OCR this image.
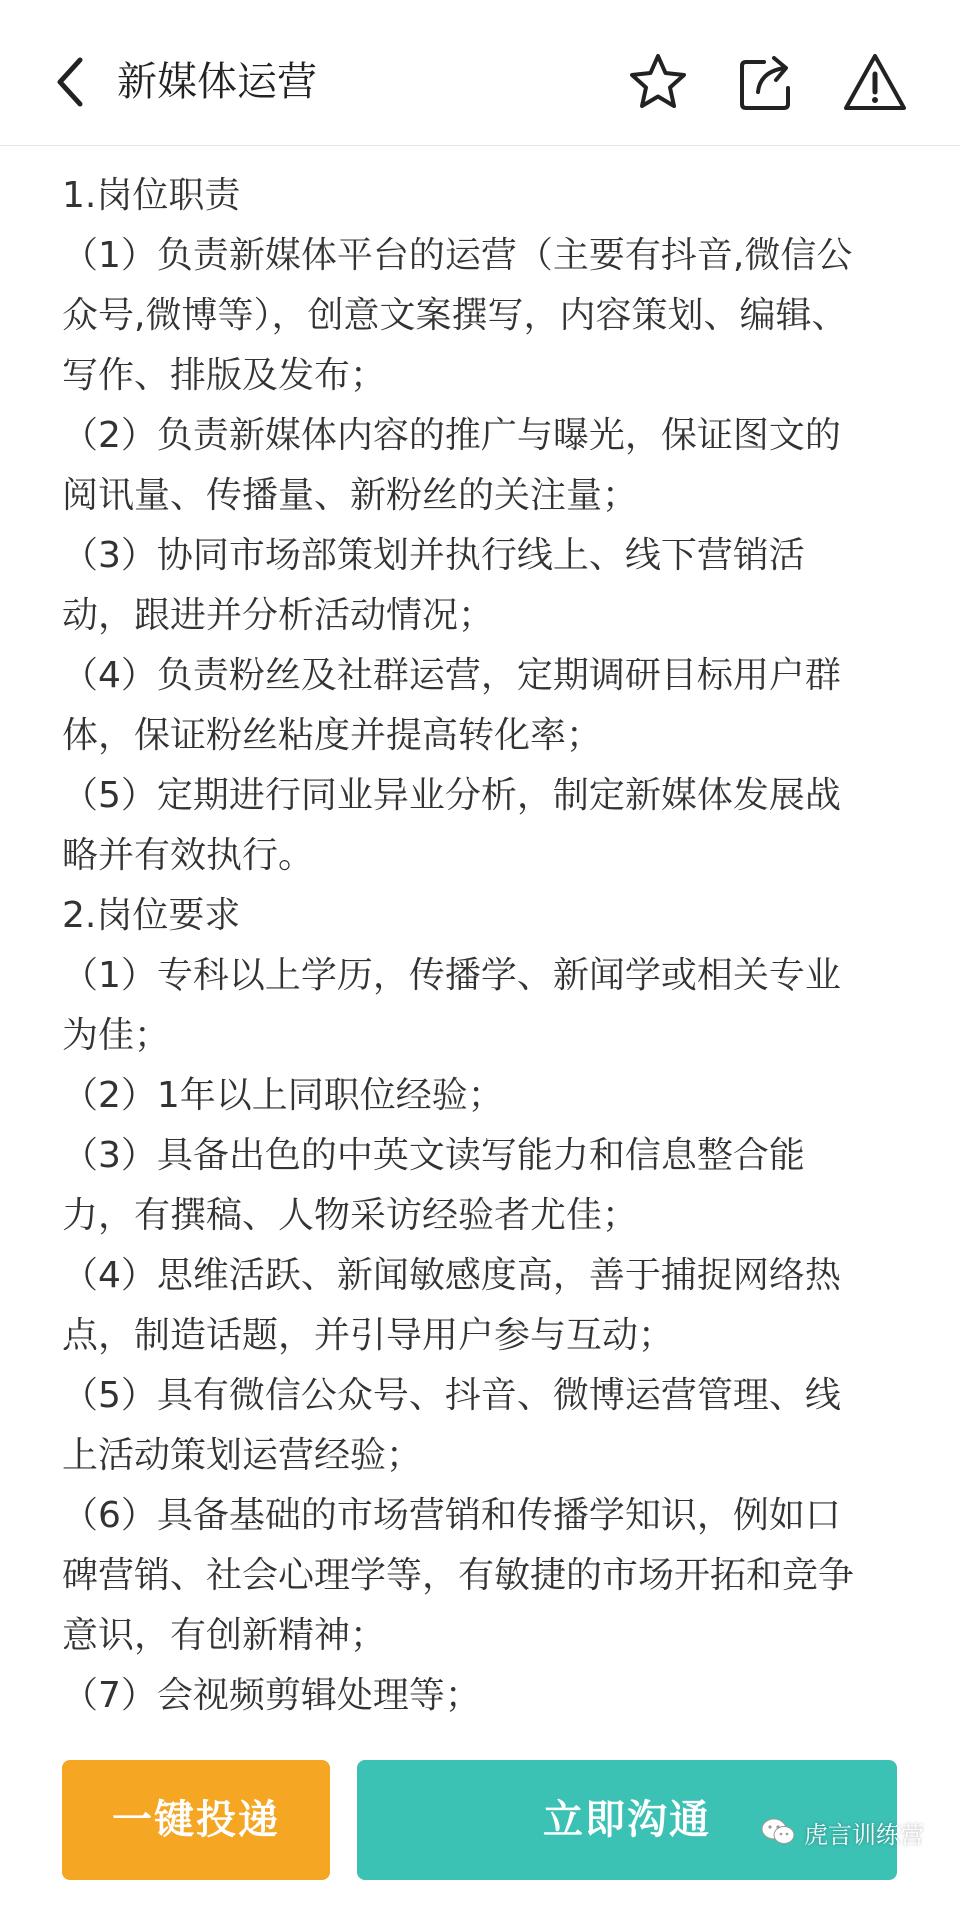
新媒体运营
1.岗位职责
（1）负责新媒体平台的运营（主要有抖音,微信公
众号,微博等），创意文案撰写，内容策划、编辑、
写作、排版及发布；
（2）负责新媒体内容的推广与曝光，保证图文的
阅讯量、传播量、新粉丝的关注量；
（3）协同市场部策划并执行线上、线下营销活
动，跟进并分析活动情况；
（4）负责粉丝及社群运营，定期调研目标用户群
体，保证粉丝粘度并提高转化率；
（5）定期进行同业异业分析，制定新媒体发展战
略并有效执行。
2.岗位要求
（1）专科以上学历，传播学、新闻学或相关专业
为佳；
（2）1年以上同职位经验；
（3）具备出色的中英文读写能力和信息整合能
力，有撰稿、人物采访经验者尤佳；
（4）思维活跃、新闻敏感度高，善于捕捉网络热
点，制造话题，并引导用户参与互动；
（5）具有微信公众号、抖音、微博运营管理、线
上活动策划运营经验；
（6）具备基础的市场营销和传播学知识，例如口
碑营销、社会心理学等，有敏捷的市场开拓和竞争
意识，有创新精神；
（7）会视频剪辑处理等；
一键投递	立即沟通	虎言训练营
